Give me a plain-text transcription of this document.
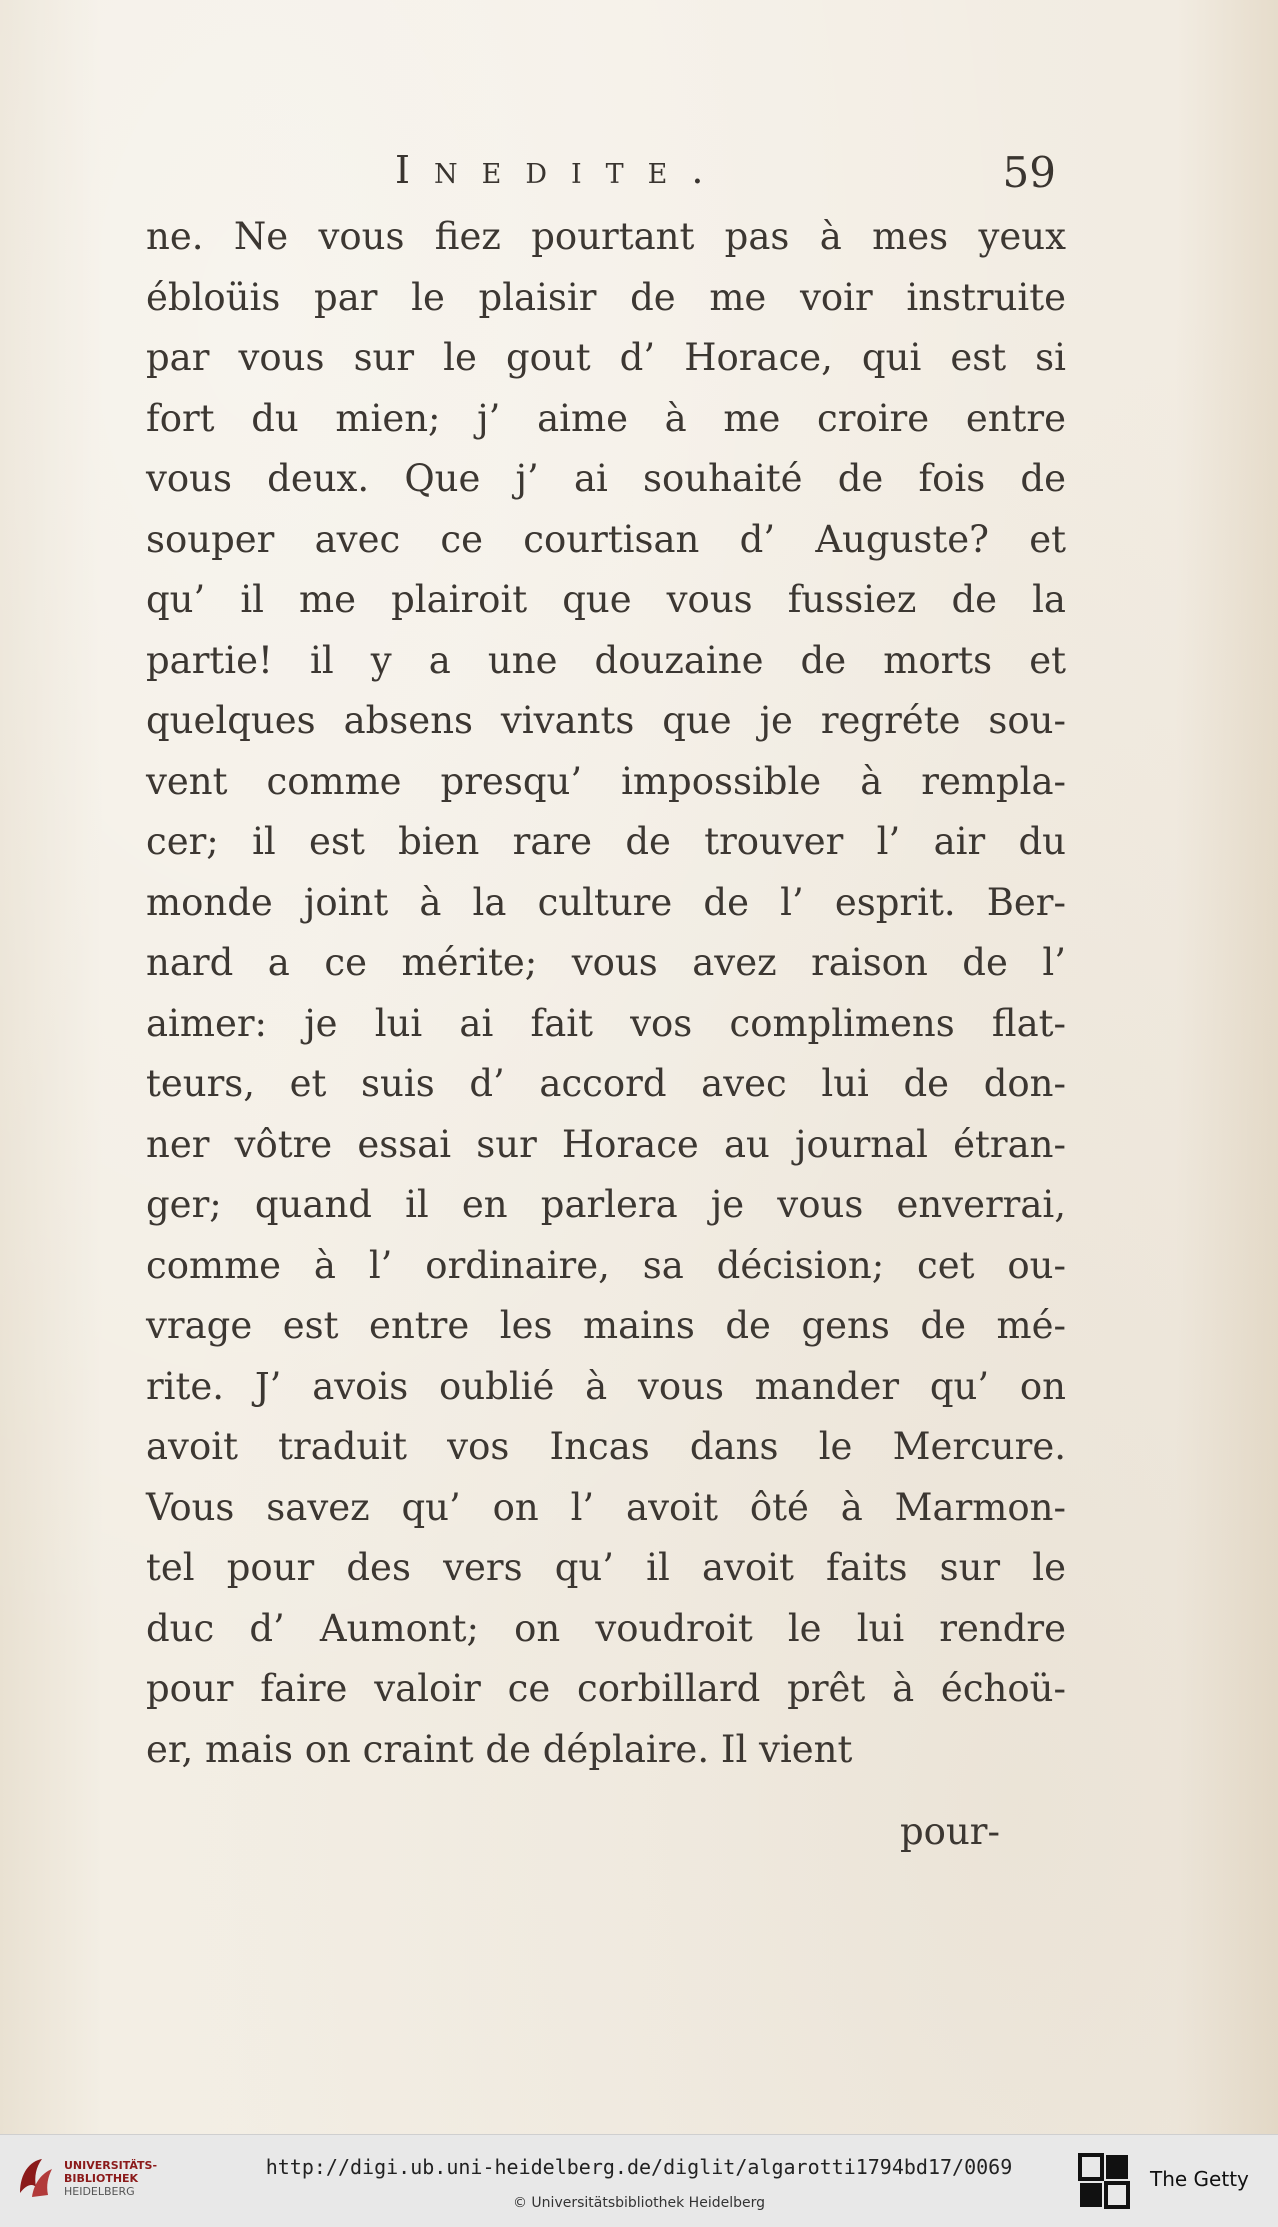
Inedite.	59
ne. Ne vous fiez pourtant pas à mes yeux
ébloüis par le plaisir de me voir instruite
par vous sur le gout d’ Horace, qui est si
fort du mien; j’ aime à me croire entre
vous deux. Que j’ ai souhaité de fois de
souper avec ce courtisan d’ Auguste? et
qu’ il me plairoit que vous fussiez de la
partie! il y a une douzaine de morts et
quelques absens vivants que je regréte sou-
vent comme presqu’ impossible à rempla-
cer; il est bien rare de trouver l’ air du
monde joint à la culture de l’ esprit. Ber-
nard a ce mérite; vous avez raison de l’
aimer: je lui ai fait vos complimens flat-
teurs, et suis d’ accord avec lui de don-
ner vôtre essai sur Horace au journal étran-
ger; quand il en parlera je vous enverrai,
comme à l’ ordinaire, sa décision; cet ou-
vrage est entre les mains de gens de mé-
rite. J’ avois oublié à vous mander qu’ on
avoit traduit vos Incas dans le Mercure.
Vous savez qu’ on l’ avoit ôté à Marmon-
tel pour des vers qu’ il avoit faits sur le
duc d’ Aumont; on voudroit le lui rendre
pour faire valoir ce corbillard prêt à échoü-
er, mais on craint de déplaire. Il vient
pour-
UNIVERSITÄTS-
BIBLIOTHEK
HEIDELBERG
http://digi.ub.uni-heidelberg.de/diglit/algarotti1794bd17/0069
© Universitätsbibliothek Heidelberg
The Getty
